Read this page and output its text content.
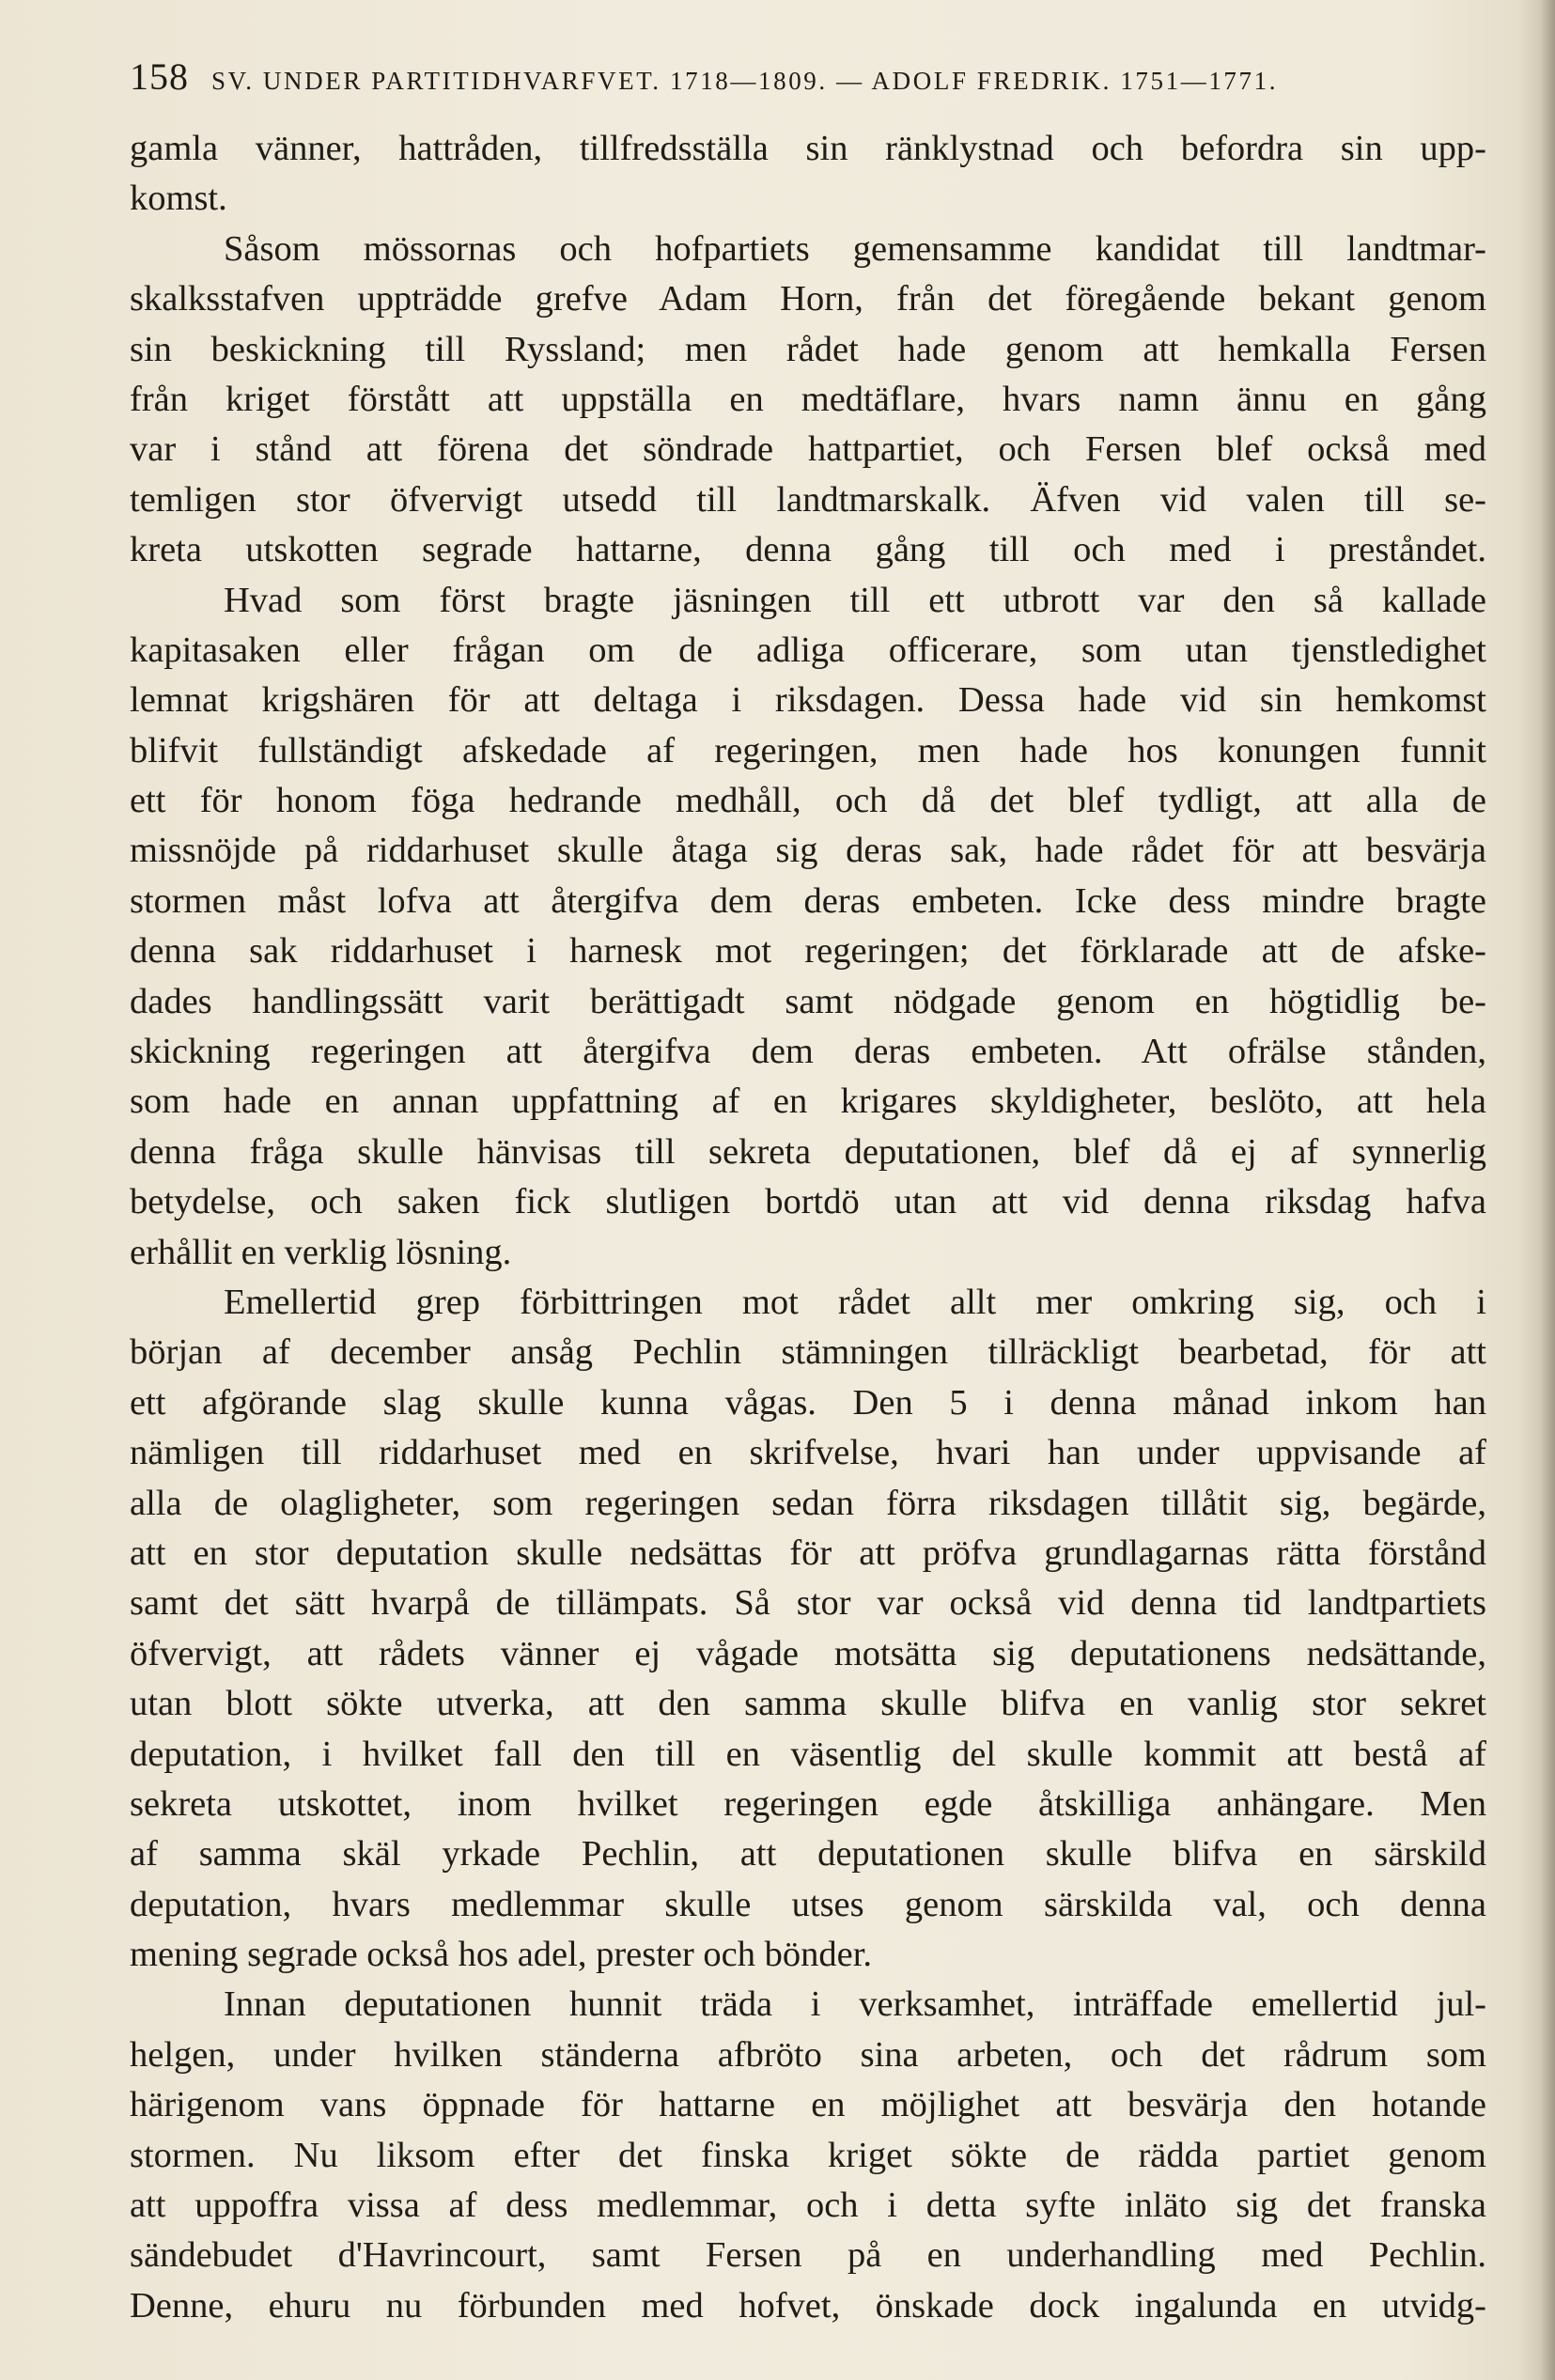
158 SV. UNDER PARTITIDHVARFVET. 1718—1809. — ADOLF FREDRIK. 1751—1771.
gamla vänner, hattråden, tillfredsställa sin ränklystnad och befordra sin upp-
komst.
Såsom mössornas och hofpartiets gemensamme kandidat till landtmar-
skalksstafven uppträdde grefve Adam Horn, från det föregående bekant genom
sin beskickning till Ryssland; men rådet hade genom att hemkalla Fersen
från kriget förstått att uppställa en medtäflare, hvars namn ännu en gång
var i stånd att förena det söndrade hattpartiet, och Fersen blef också med
temligen stor öfvervigt utsedd till landtmarskalk. Äfven vid valen till se-
kreta utskotten segrade hattarne, denna gång till och med i preståndet.
Hvad som först bragte jäsningen till ett utbrott var den så kallade
kapitasaken eller frågan om de adliga officerare, som utan tjenstledighet
lemnat krigshären för att deltaga i riksdagen. Dessa hade vid sin hemkomst
blifvit fullständigt afskedade af regeringen, men hade hos konungen funnit
ett för honom föga hedrande medhåll, och då det blef tydligt, att alla de
missnöjde på riddarhuset skulle åtaga sig deras sak, hade rådet för att besvärja
stormen måst lofva att återgifva dem deras embeten. Icke dess mindre bragte
denna sak riddarhuset i harnesk mot regeringen; det förklarade att de afske-
dades handlingssätt varit berättigadt samt nödgade genom en högtidlig be-
skickning regeringen att återgifva dem deras embeten. Att ofrälse stånden,
som hade en annan uppfattning af en krigares skyldigheter, beslöto, att hela
denna fråga skulle hänvisas till sekreta deputationen, blef då ej af synnerlig
betydelse, och saken fick slutligen bortdö utan att vid denna riksdag hafva
erhållit en verklig lösning.
Emellertid grep förbittringen mot rådet allt mer omkring sig, och i
början af december ansåg Pechlin stämningen tillräckligt bearbetad, för att
ett afgörande slag skulle kunna vågas. Den 5 i denna månad inkom han
nämligen till riddarhuset med en skrifvelse, hvari han under uppvisande af
alla de olagligheter, som regeringen sedan förra riksdagen tillåtit sig, begärde,
att en stor deputation skulle nedsättas för att pröfva grundlagarnas rätta förstånd
samt det sätt hvarpå de tillämpats. Så stor var också vid denna tid landtpartiets
öfvervigt, att rådets vänner ej vågade motsätta sig deputationens nedsättande,
utan blott sökte utverka, att den samma skulle blifva en vanlig stor sekret
deputation, i hvilket fall den till en väsentlig del skulle kommit att bestå af
sekreta utskottet, inom hvilket regeringen egde åtskilliga anhängare. Men
af samma skäl yrkade Pechlin, att deputationen skulle blifva en särskild
deputation, hvars medlemmar skulle utses genom särskilda val, och denna
mening segrade också hos adel, prester och bönder.
Innan deputationen hunnit träda i verksamhet, inträffade emellertid jul-
helgen, under hvilken ständerna afbröto sina arbeten, och det rådrum som
härigenom vans öppnade för hattarne en möjlighet att besvärja den hotande
stormen. Nu liksom efter det finska kriget sökte de rädda partiet genom
att uppoffra vissa af dess medlemmar, och i detta syfte inläto sig det franska
sändebudet d'Havrincourt, samt Fersen på en underhandling med Pechlin.
Denne, ehuru nu förbunden med hofvet, önskade dock ingalunda en utvidg-
